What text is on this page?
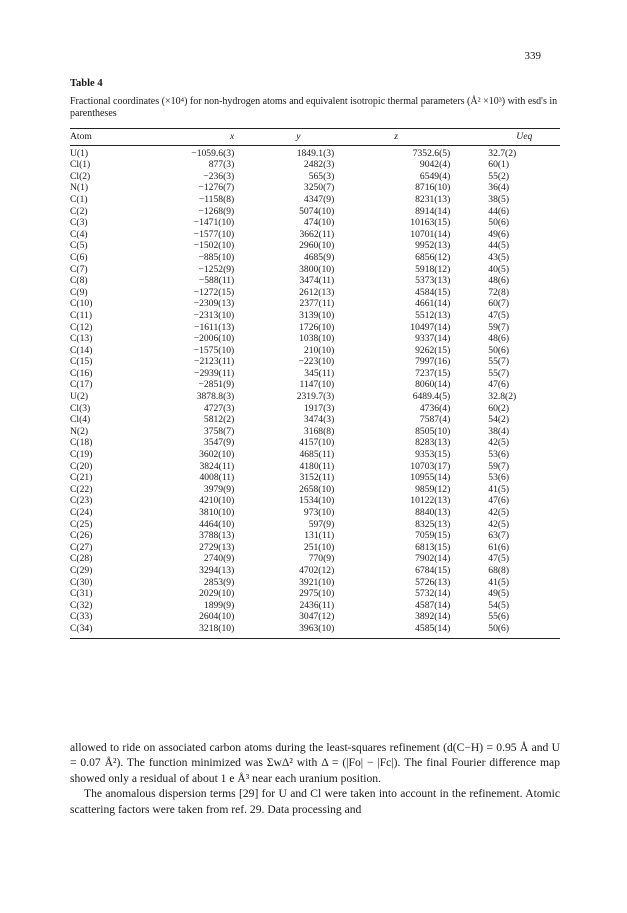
339
Table 4
Fractional coordinates (×10⁴) for non-hydrogen atoms and equivalent isotropic thermal parameters (Å² ×10³) with esd's in parentheses
Atom	x	y	z	Ueq
U(1)	−1059.6(3)	1849.1(3)	7352.6(5)	32.7(2)
Cl(1)	877(3)	2482(3)	9042(4)	60(1)
Cl(2)	−236(3)	565(3)	6549(4)	55(2)
N(1)	−1276(7)	3250(7)	8716(10)	36(4)
C(1)	−1158(8)	4347(9)	8231(13)	38(5)
C(2)	−1268(9)	5074(10)	8914(14)	44(6)
C(3)	−1471(10)	474(10)	10163(15)	50(6)
C(4)	−1577(10)	3662(11)	10701(14)	49(6)
C(5)	−1502(10)	2960(10)	9952(13)	44(5)
C(6)	−885(10)	4685(9)	6856(12)	43(5)
C(7)	−1252(9)	3800(10)	5918(12)	40(5)
C(8)	−588(11)	3474(11)	5373(13)	48(6)
C(9)	−1272(15)	2612(13)	4584(15)	72(8)
C(10)	−2309(13)	2377(11)	4661(14)	60(7)
C(11)	−2313(10)	3139(10)	5512(13)	47(5)
C(12)	−1611(13)	1726(10)	10497(14)	59(7)
C(13)	−2006(10)	1038(10)	9337(14)	48(6)
C(14)	−1575(10)	210(10)	9262(15)	50(6)
C(15)	−2123(11)	−223(10)	7997(16)	55(7)
C(16)	−2939(11)	345(11)	7237(15)	55(7)
C(17)	−2851(9)	1147(10)	8060(14)	47(6)
U(2)	3878.8(3)	2319.7(3)	6489.4(5)	32.8(2)
Cl(3)	4727(3)	1917(3)	4736(4)	60(2)
Cl(4)	5812(2)	3474(3)	7587(4)	54(2)
N(2)	3758(7)	3168(8)	8505(10)	38(4)
C(18)	3547(9)	4157(10)	8283(13)	42(5)
C(19)	3602(10)	4685(11)	9353(15)	53(6)
C(20)	3824(11)	4180(11)	10703(17)	59(7)
C(21)	4008(11)	3152(11)	10955(14)	53(6)
C(22)	3979(9)	2658(10)	9859(12)	41(5)
C(23)	4210(10)	1534(10)	10122(13)	47(6)
C(24)	3810(10)	973(10)	8840(13)	42(5)
C(25)	4464(10)	597(9)	8325(13)	42(5)
C(26)	3788(13)	131(11)	7059(15)	63(7)
C(27)	2729(13)	251(10)	6813(15)	61(6)
C(28)	2740(9)	770(9)	7902(14)	47(5)
C(29)	3294(13)	4702(12)	6784(15)	68(8)
C(30)	2853(9)	3921(10)	5726(13)	41(5)
C(31)	2029(10)	2975(10)	5732(14)	49(5)
C(32)	1899(9)	2436(11)	4587(14)	54(5)
C(33)	2604(10)	3047(12)	3892(14)	55(6)
C(34)	3218(10)	3963(10)	4585(14)	50(6)

allowed to ride on associated carbon atoms during the least-squares refinement (d(C−H) = 0.95 Å and U = 0.07 Å²). The function minimized was ΣwΔ² with Δ = (|Fo| − |Fc|). The final Fourier difference map showed only a residual of about 1 e Å³ near each uranium position.

The anomalous dispersion terms [29] for U and Cl were taken into account in the refinement. Atomic scattering factors were taken from ref. 29. Data processing and
